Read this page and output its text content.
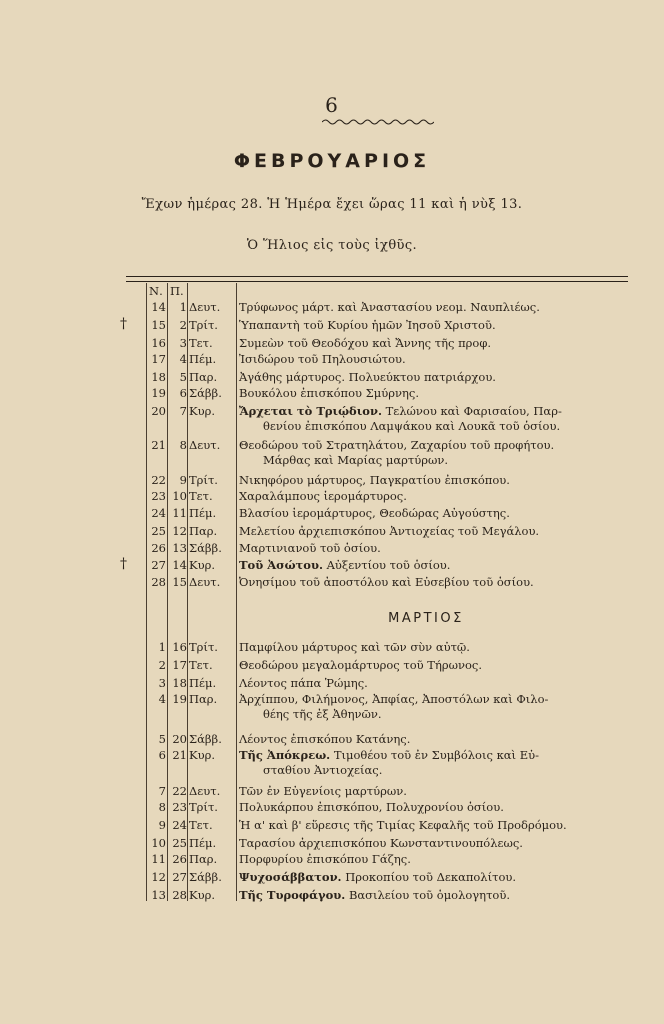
6
ΦΕΒΡΟΥΑΡΙΟΣ
Ἔχων ἡμέρας 28. Ἡ Ἡμέρα ἔχει ὥρας 11 καὶ ἡ νὺξ 13.
Ὁ Ἥλιος εἰς τοὺς ἰχθῦς.
Ν. Π.
14	1 Δευτ.	Τρύφωνος μάρτ. καὶ Ἀναστασίου νεομ. Ναυπλιέως.
†	15	2 Τρίτ.	Ὑπαπαντὴ τοῦ Κυρίου ἡμῶν Ἰησοῦ Χριστοῦ.
16	3 Τετ.	Συμεὼν τοῦ Θεοδόχου καὶ Ἄννης τῆς προφ.
17	4 Πέμ.	Ἰσιδώρου τοῦ Πηλουσιώτου.
18	5 Παρ.	Ἀγάθης μάρτυρος. Πολυεύκτου πατριάρχου.
19	6 Σάββ.	Βουκόλου ἐπισκόπου Σμύρνης.
20	7 Κυρ.	Ἄρχεται τὸ Τριῴδιον. Τελώνου καὶ Φαρισαίου, Παρ-
θενίου ἐπισκόπου Λαμψάκου καὶ Λουκᾶ τοῦ ὁσίου.
21	8 Δευτ.	Θεοδώρου τοῦ Στρατηλάτου, Ζαχαρίου τοῦ προφήτου.
Μάρθας καὶ Μαρίας μαρτύρων.
22	9 Τρίτ.	Νικηφόρου μάρτυρος, Παγκρατίου ἐπισκόπου.
23 10 Τετ.	Χαραλάμπους ἱερομάρτυρος.
24 11 Πέμ.	Βλασίου ἱερομάρτυρος, Θεοδώρας Αὐγούστης.
25 12 Παρ.	Μελετίου ἀρχιεπισκόπου Ἀντιοχείας τοῦ Μεγάλου.
26 13 Σάββ.	Μαρτινιανοῦ τοῦ ὁσίου.
†	27 14 Κυρ.	Τοῦ Ἀσώτου. Αὐξεντίου τοῦ ὁσίου.
28 15 Δευτ.	Ὀνησίμου τοῦ ἀποστόλου καὶ Εὐσεβίου τοῦ ὁσίου.
ΜΑΡΤΙΟΣ
1 16 Τρίτ.	Παμφίλου μάρτυρος καὶ τῶν σὺν αὐτῷ.
2 17 Τετ.	Θεοδώρου μεγαλομάρτυρος τοῦ Τήρωνος.
3 18 Πέμ.	Λέοντος πάπα Ῥώμης.
4 19 Παρ.	Ἀρχίππου, Φιλήμονος, Ἀπφίας, Ἀποστόλων καὶ Φιλο-
θέης τῆς ἐξ Ἀθηνῶν.
5 20 Σάββ.	Λέοντος ἐπισκόπου Κατάνης.
6 21 Κυρ.	Τῆς Ἀπόκρεω. Τιμοθέου τοῦ ἐν Συμβόλοις καὶ Εὐ-
σταθίου Ἀντιοχείας.
7 22 Δευτ.	Τῶν ἐν Εὐγενίοις μαρτύρων.
8 23 Τρίτ.	Πολυκάρπου ἐπισκόπου, Πολυχρονίου ὁσίου.
9 24 Τετ.	Ἡ α' καὶ β' εὕρεσις τῆς Τιμίας Κεφαλῆς τοῦ Προδρόμου.
10 25 Πέμ.	Ταρασίου ἀρχιεπισκόπου Κωνσταντινουπόλεως.
11 26 Παρ.	Πορφυρίου ἐπισκόπου Γάζης.
12 27 Σάββ.	Ψυχοσάββατον. Προκοπίου τοῦ Δεκαπολίτου.
13 28 Κυρ.	Τῆς Τυροφάγου. Βασιλείου τοῦ ὁμολογητοῦ.
